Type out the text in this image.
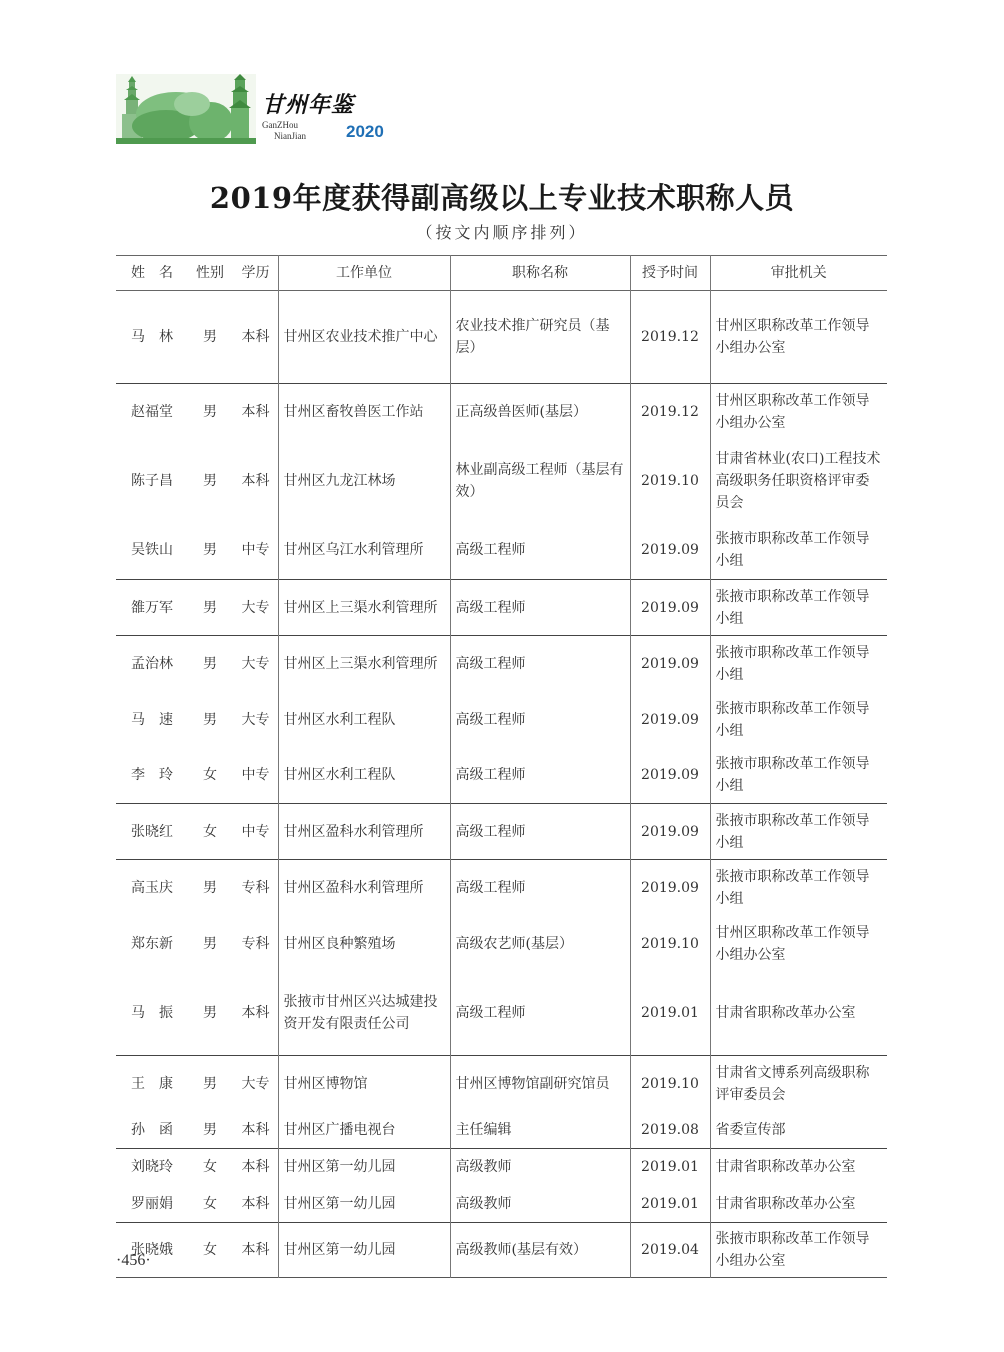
甘州年鉴
GanZHou
NianJian	2020
2019年度获得副高级以上专业技术职称人员
（按文内顺序排列）
姓　名	性别	学历	工作单位	职称名称	授予时间	审批机关
马　林	男	本科	甘州区农业技术推广中心	农业技术推广研究员（基层）	2019.12	甘州区职称改革工作领导小组办公室
赵福堂	男	本科	甘州区畜牧兽医工作站	正高级兽医师(基层）	2019.12	甘州区职称改革工作领导小组办公室
陈子昌	男	本科	甘州区九龙江林场	林业副高级工程师（基层有效）	2019.10	甘肃省林业(农口)工程技术高级职务任职资格评审委员会
吴铁山	男	中专	甘州区乌江水利管理所	高级工程师	2019.09	张掖市职称改革工作领导小组
雒万军	男	大专	甘州区上三渠水利管理所	高级工程师	2019.09	张掖市职称改革工作领导小组
孟治林	男	大专	甘州区上三渠水利管理所	高级工程师	2019.09	张掖市职称改革工作领导小组
马　速	男	大专	甘州区水利工程队	高级工程师	2019.09	张掖市职称改革工作领导小组
李　玲	女	中专	甘州区水利工程队	高级工程师	2019.09	张掖市职称改革工作领导小组
张晓红	女	中专	甘州区盈科水利管理所	高级工程师	2019.09	张掖市职称改革工作领导小组
高玉庆	男	专科	甘州区盈科水利管理所	高级工程师	2019.09	张掖市职称改革工作领导小组
郑东新	男	专科	甘州区良种繁殖场	高级农艺师(基层）	2019.10	甘州区职称改革工作领导小组办公室
马　振	男	本科	张掖市甘州区兴达城建投资开发有限责任公司	高级工程师	2019.01	甘肃省职称改革办公室
王　康	男	大专	甘州区博物馆	甘州区博物馆副研究馆员	2019.10	甘肃省文博系列高级职称评审委员会
孙　函	男	本科	甘州区广播电视台	主任编辑	2019.08	省委宣传部
刘晓玲	女	本科	甘州区第一幼儿园	高级教师	2019.01	甘肃省职称改革办公室
罗丽娟	女	本科	甘州区第一幼儿园	高级教师	2019.01	甘肃省职称改革办公室
张晓娥	女	本科	甘州区第一幼儿园	高级教师(基层有效）	2019.04	张掖市职称改革工作领导小组办公室
·456·
